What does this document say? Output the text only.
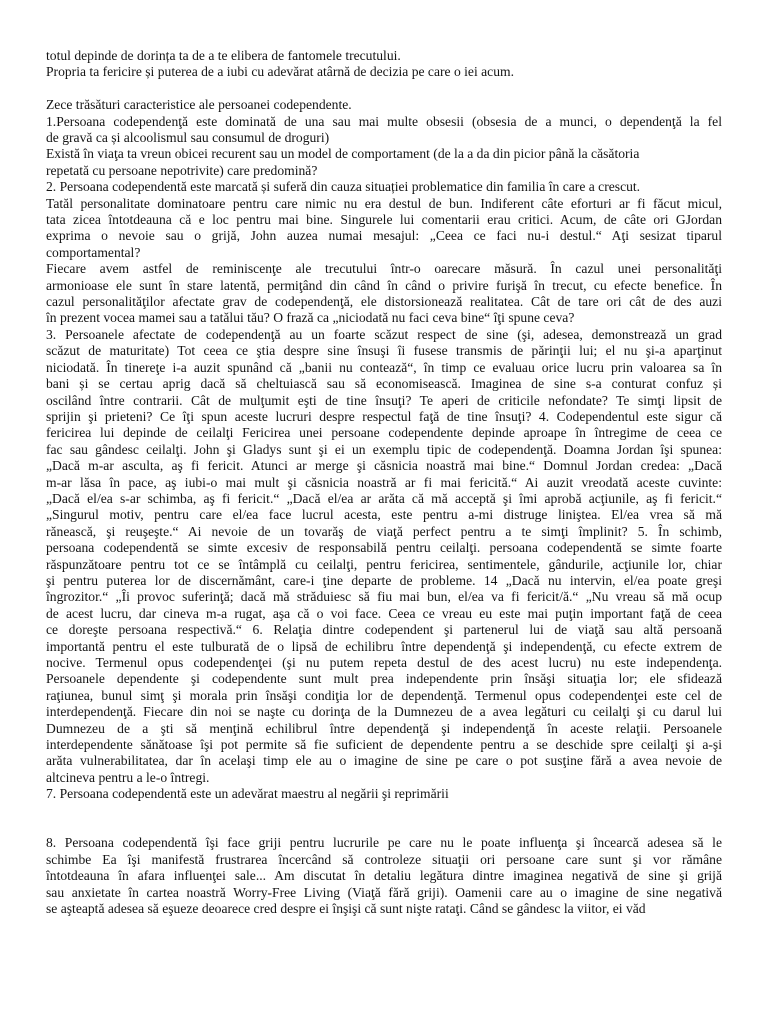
totul depinde de dorința ta de a te elibera de fantomele trecutului.
Propria ta fericire și puterea de a iubi cu adevărat atârnă de decizia pe care o iei acum.
Zece trăsături caracteristice ale persoanei codependente.
1.Persoana codependenţă este dominată de una sau mai multe obsesii (obsesia de a munci, o dependenţă la fel
de gravă ca și alcoolismul sau consumul de droguri)
Există în viaţa ta vreun obicei recurent sau un model de comportament (de la a da din picior până la căsătoria
repetată cu persoane nepotrivite) care predomină?
2. Persoana codependentă este marcată și suferă din cauza situației problematice din familia în care a crescut.
Tatăl personalitate dominatoare pentru care nimic nu era destul de bun. Indiferent câte eforturi ar fi făcut micul,
tata zicea întotdeauna că e loc pentru mai bine. Singurele lui comentarii erau critici. Acum, de câte ori GJordan
exprima o nevoie sau o grijă, John auzea numai mesajul: „Ceea ce faci nu-i destul.“ Aţi sesizat tiparul
comportamental?
Fiecare avem astfel de reminiscenţe ale trecutului într-o oarecare măsură. În cazul unei personalităţi
armonioase ele sunt în stare latentă, permiţând din când în când o privire furişă în trecut, cu efecte benefice. În
cazul personalităţilor afectate grav de codependenţă, ele distorsionează realitatea. Cât de tare ori cât de des auzi
în prezent vocea mamei sau a tatălui tău? O frază ca „niciodată nu faci ceva bine“ îţi spune ceva?
3. Persoanele afectate de codependenţă au un foarte scăzut respect de sine (şi, adesea, demonstrează un grad
scăzut de maturitate) Tot ceea ce ştia despre sine însuşi îi fusese transmis de părinţii lui; el nu şi-a aparţinut
niciodată. În tinereţe i-a auzit spunând că „banii nu contează“, în timp ce evaluau orice lucru prin valoarea sa în
bani și se certau aprig dacă să cheltuiască sau să economisească. Imaginea de sine s-a conturat confuz și
oscilând între contrarii. Cât de mulţumit eşti de tine însuţi? Te aperi de criticile nefondate? Te simţi lipsit de
sprijin şi prieteni? Ce îţi spun aceste lucruri despre respectul faţă de tine însuţi? 4. Codependentul este sigur că
fericirea lui depinde de ceilalţi Fericirea unei persoane codependente depinde aproape în întregime de ceea ce
fac sau gândesc ceilalţi. John şi Gladys sunt şi ei un exemplu tipic de codependenţă. Doamna Jordan îşi spunea:
„Dacă m-ar asculta, aş fi fericit. Atunci ar merge şi căsnicia noastră mai bine.“ Domnul Jordan credea: „Dacă
m-ar lăsa în pace, aş iubi-o mai mult şi căsnicia noastră ar fi mai fericită.“ Ai auzit vreodată aceste cuvinte:
„Dacă el/ea s-ar schimba, aş fi fericit.“ „Dacă el/ea ar arăta că mă acceptă şi îmi aprobă acţiunile, aş fi fericit.“
„Singurul motiv, pentru care el/ea face lucrul acesta, este pentru a-mi distruge liniştea. El/ea vrea să mă
rănească, şi reuşeşte.“ Ai nevoie de un tovarăş de viaţă perfect pentru a te simţi împlinit? 5. În schimb,
persoana codependentă se simte excesiv de responsabilă pentru ceilalţi. persoana codependentă se simte foarte
răspunzătoare pentru tot ce se întâmplă cu ceilalţi, pentru fericirea, sentimentele, gândurile, acţiunile lor, chiar
şi pentru puterea lor de discernământ, care-i ţine departe de probleme. 14 „Dacă nu intervin, el/ea poate greşi
îngrozitor.“ „Îi provoc suferinţă; dacă mă străduiesc să fiu mai bun, el/ea va fi fericit/ă.“ „Nu vreau să mă ocup
de acest lucru, dar cineva m-a rugat, aşa că o voi face. Ceea ce vreau eu este mai puţin important faţă de ceea
ce doreşte persoana respectivă.“ 6. Relaţia dintre codependent şi partenerul lui de viaţă sau altă persoană
importantă pentru el este tulburată de o lipsă de echilibru între dependenţă şi independenţă, cu efecte extrem de
nocive. Termenul opus codependenţei (şi nu putem repeta destul de des acest lucru) nu este independenţa.
Persoanele dependente şi codependente sunt mult prea independente prin însăşi situaţia lor; ele sfidează
raţiunea, bunul simţ şi morala prin însăşi condiţia lor de dependenţă. Termenul opus codependenţei este cel de
interdependenţă. Fiecare din noi se naşte cu dorinţa de la Dumnezeu de a avea legături cu ceilalţi şi cu darul lui
Dumnezeu de a şti să menţină echilibrul între dependenţă şi independenţă în aceste relaţii. Persoanele
interdependente sănătoase îşi pot permite să fie suficient de dependente pentru a se deschide spre ceilalţi şi a-şi
arăta vulnerabilitatea, dar în acelaşi timp ele au o imagine de sine pe care o pot susţine fără a avea nevoie de
altcineva pentru a le-o întregi.
7. Persoana codependentă este un adevărat maestru al negării şi reprimării
8. Persoana codependentă îşi face griji pentru lucrurile pe care nu le poate influenţa şi încearcă adesea să le
schimbe Ea îşi manifestă frustrarea încercând să controleze situaţii ori persoane care sunt şi vor rămâne
întotdeauna în afara influenţei sale... Am discutat în detaliu legătura dintre imaginea negativă de sine şi grijă
sau anxietate în cartea noastră Worry-Free Living (Viaţă fără griji). Oamenii care au o imagine de sine negativă
se aşteaptă adesea să eşueze deoarece cred despre ei înşişi că sunt nişte rataţi. Când se gândesc la viitor, ei văd
